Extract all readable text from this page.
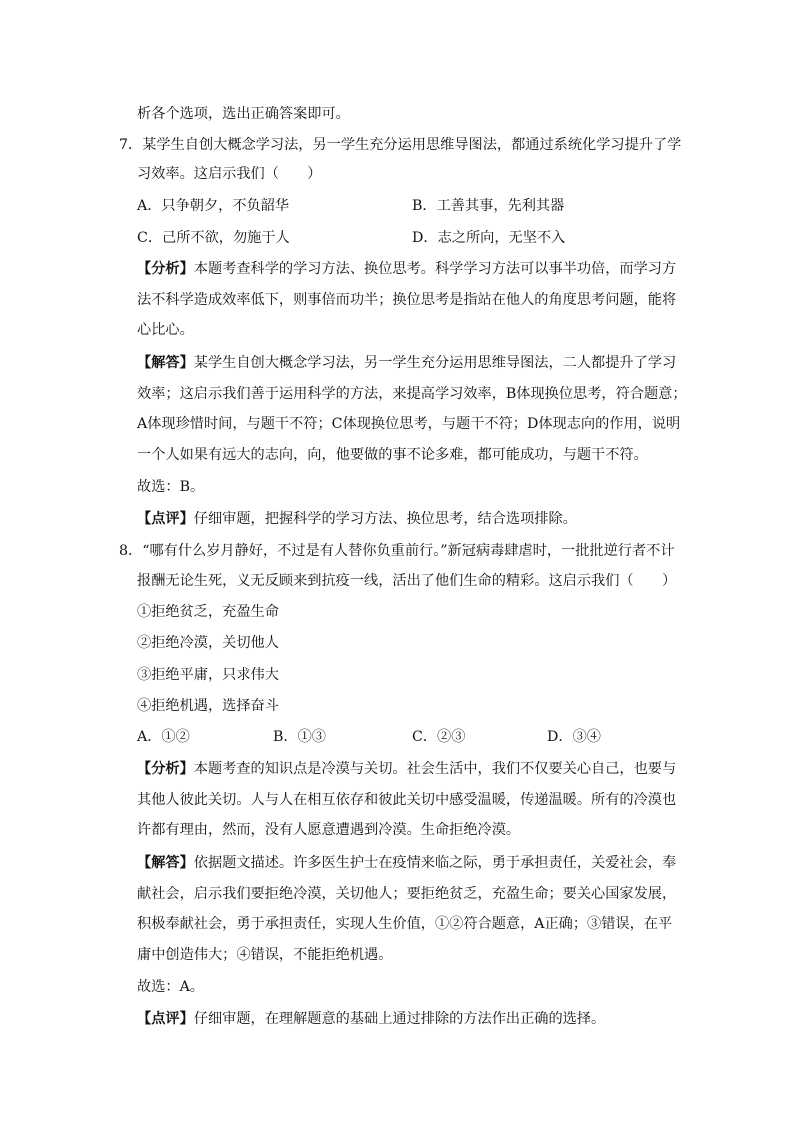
析各个选项，选出正确答案即可。
7．某学生自创大概念学习法，另一学生充分运用思维导图法，都通过系统化学习提升了学
习效率。这启示我们（　　）
A．只争朝夕，不负韶华	B．工善其事，先利其器
C．己所不欲，勿施于人	D．志之所向，无坚不入
【分析】本题考查科学的学习方法、换位思考。科学学习方法可以事半功倍，而学习方
法不科学造成效率低下，则事倍而功半；换位思考是指站在他人的角度思考问题，能将
心比心。
【解答】某学生自创大概念学习法，另一学生充分运用思维导图法，二人都提升了学习
效率；这启示我们善于运用科学的方法，来提高学习效率，B体现换位思考，符合题意；
A体现珍惜时间，与题干不符；C体现换位思考，与题干不符；D体现志向的作用，说明
一个人如果有远大的志向，向，他要做的事不论多难，都可能成功，与题干不符。
故选：B。
【点评】仔细审题，把握科学的学习方法、换位思考，结合选项排除。
8．“哪有什么岁月静好，不过是有人替你负重前行。”新冠病毒肆虐时，一批批逆行者不计
报酬无论生死，义无反顾来到抗疫一线，活出了他们生命的精彩。这启示我们（　　）
①拒绝贫乏，充盈生命
②拒绝冷漠，关切他人
③拒绝平庸，只求伟大
④拒绝机遇，选择奋斗
A．①②	B．①③	C．②③	D．③④
【分析】本题考查的知识点是冷漠与关切。社会生活中，我们不仅要关心自己，也要与
其他人彼此关切。人与人在相互依存和彼此关切中感受温暖，传递温暖。所有的冷漠也
许都有理由，然而，没有人愿意遭遇到冷漠。生命拒绝冷漠。
【解答】依据题文描述。许多医生护士在疫情来临之际，勇于承担责任，关爱社会，奉
献社会，启示我们要拒绝冷漠，关切他人；要拒绝贫乏，充盈生命；要关心国家发展，
积极奉献社会，勇于承担责任，实现人生价值，①②符合题意，A正确；③错误，在平
庸中创造伟大；④错误，不能拒绝机遇。
故选：A。
【点评】仔细审题，在理解题意的基础上通过排除的方法作出正确的选择。
